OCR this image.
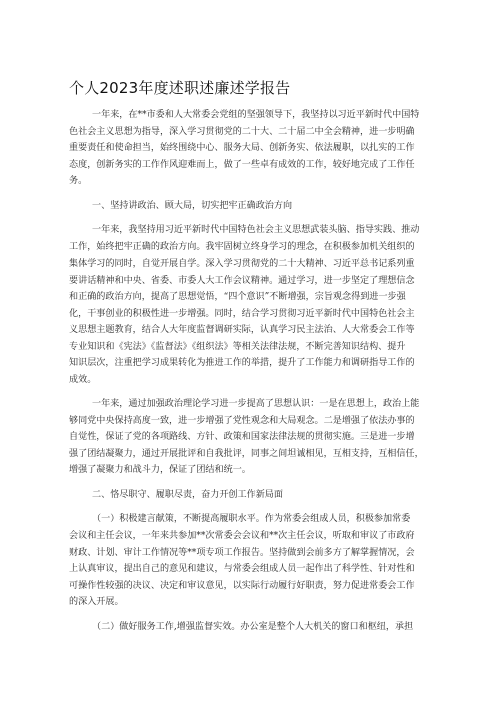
个人2023年度述职述廉述学报告
一年来，在**市委和人大常委会党组的坚强领导下，我坚持以习近平新时代中国特
色社会主义思想为指导，深入学习贯彻党的二十大、二十届二中全会精神，进一步明确
重要责任和使命担当，始终围绕中心、服务大局、创新务实、依法履职，以扎实的工作
态度，创新务实的工作作风迎难而上，做了一些卓有成效的工作，较好地完成了工作任
务。
一、坚持讲政治、顾大局，切实把牢正确政治方向
一年来，我坚持用习近平新时代中国特色社会主义思想武装头脑、指导实践、推动
工作，始终把牢正确的政治方向。我牢固树立终身学习的理念，在积极参加机关组织的
集体学习的同时，自觉开展自学。深入学习贯彻党的二十大精神、习近平总书记系列重
要讲话精神和中央、省委、市委人大工作会议精神。通过学习，进一步坚定了理想信念
和正确的政治方向，提高了思想觉悟，“四个意识”不断增强，宗旨观念得到进一步强
化，干事创业的积极性进一步增强。同时，结合学习贯彻习近平新时代中国特色社会主
义思想主题教育，结合人大年度监督调研实际，认真学习民主法治、人大常委会工作等
专业知识和《宪法》《监督法》《组织法》等相关法律法规，不断完善知识结构、提升
知识层次，注重把学习成果转化为推进工作的举措，提升了工作能力和调研指导工作的
成效。
一年来，通过加强政治理论学习进一步提高了思想认识：一是在思想上，政治上能
够同党中央保持高度一致，进一步增强了党性观念和大局观念。二是增强了依法办事的
自觉性，保证了党的各项路线、方针、政策和国家法律法规的贯彻实施。三是进一步增
强了团结凝聚力，通过开展批评和自我批评，同事之间坦诚相见，互相支持，互相信任，
增强了凝聚力和战斗力，保证了团结和统一。
二、恪尽职守、履职尽责，奋力开创工作新局面
（一）积极建言献策，不断提高履职水平。作为常委会组成人员，积极参加常委
会议和主任会议，一年来共参加**次常委会会议和**次主任会议，听取和审议了市政府
财政、计划、审计工作情况等**项专项工作报告。坚持做到会前多方了解掌握情况，会
上认真审议，提出自己的意见和建议，与常委会组成人员一起作出了科学性、针对性和
可操作性较强的决议、决定和审议意见，以实际行动履行好职责，努力促进常委会工作
的深入开展。
（二）做好服务工作,增强监督实效。办公室是整个人大机关的窗口和枢纽，承担
